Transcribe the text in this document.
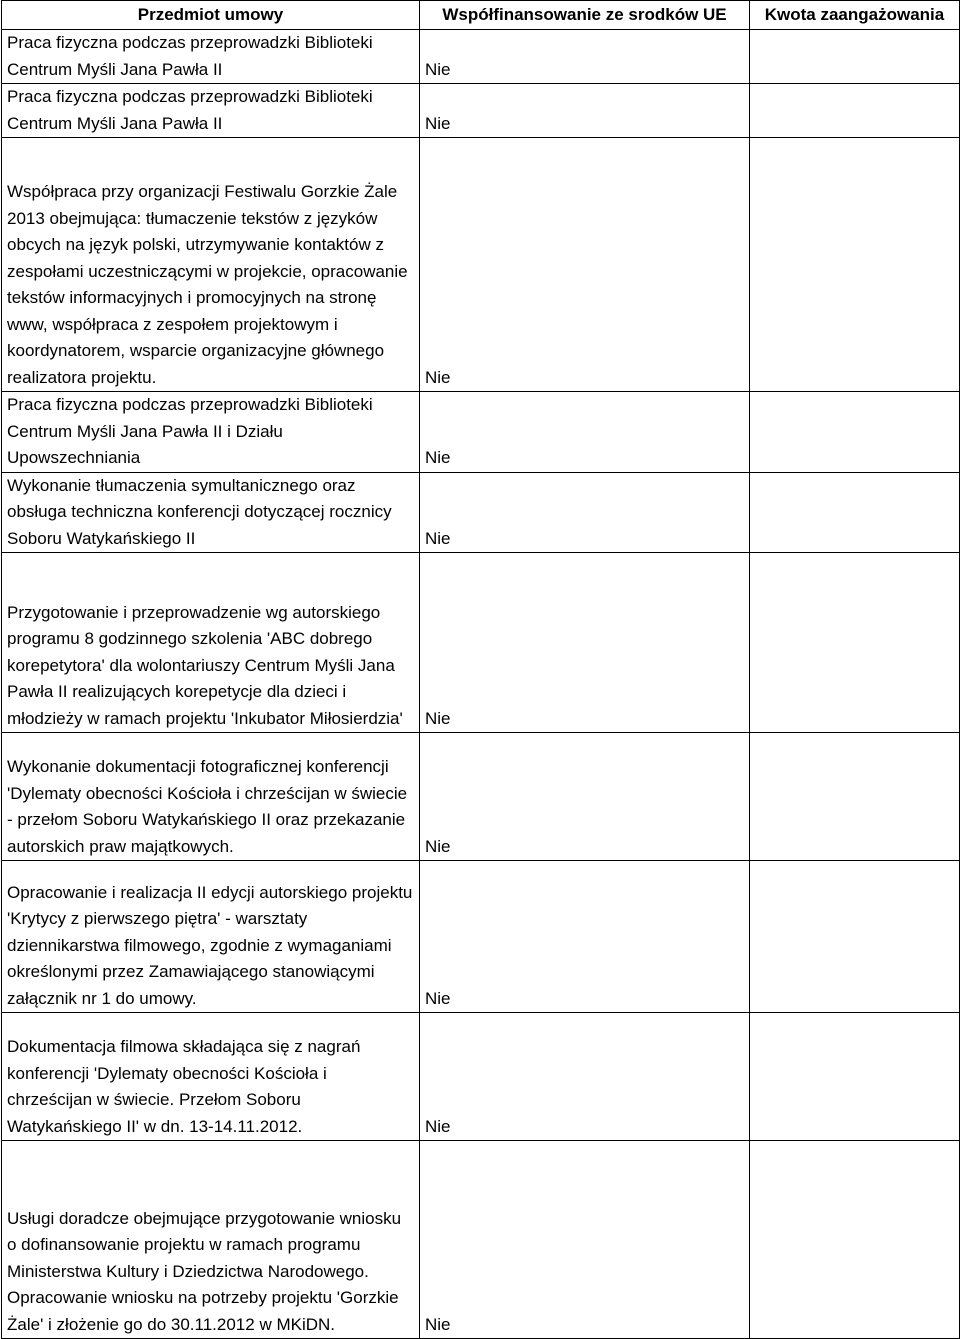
Przedmiot umowy	Współfinansowanie ze srodków UE	Kwota zaangażowania
Praca fizyczna podczas przeprowadzki Biblioteki Centrum Myśli Jana Pawła II	Nie	
Praca fizyczna podczas przeprowadzki Biblioteki Centrum Myśli Jana Pawła II	Nie	
Współpraca przy organizacji Festiwalu Gorzkie Żale 2013 obejmująca: tłumaczenie tekstów z języków obcych na język polski, utrzymywanie kontaktów z zespołami uczestniczącymi w projekcie, opracowanie tekstów informacyjnych i promocyjnych na stronę www, współpraca z zespołem projektowym i koordynatorem, wsparcie organizacyjne głównego realizatora projektu.	Nie	
Praca fizyczna podczas przeprowadzki Biblioteki Centrum Myśli Jana Pawła II i Działu Upowszechniania	Nie	
Wykonanie tłumaczenia symultanicznego oraz obsługa techniczna konferencji dotyczącej rocznicy Soboru Watykańskiego II	Nie	
Przygotowanie i przeprowadzenie wg autorskiego programu 8 godzinnego szkolenia 'ABC dobrego korepetytora' dla wolontariuszy Centrum Myśli Jana Pawła II realizujących korepetycje dla dzieci i młodzieży w ramach projektu 'Inkubator Miłosierdzia'	Nie	
Wykonanie dokumentacji fotograficznej konferencji 'Dylematy obecności Kościoła i chrześcijan w świecie - przełom Soboru Watykańskiego II oraz przekazanie autorskich praw majątkowych.	Nie	
Opracowanie i realizacja II edycji autorskiego projektu 'Krytycy z pierwszego piętra' - warsztaty dziennikarstwa filmowego, zgodnie z wymaganiami określonymi przez Zamawiającego stanowiącymi załącznik nr 1 do umowy.	Nie	
Dokumentacja filmowa składająca się z nagrań konferencji 'Dylematy obecności Kościoła i chrześcijan w świecie. Przełom Soboru Watykańskiego II' w dn. 13-14.11.2012.	Nie	
Usługi doradcze obejmujące przygotowanie wniosku o dofinansowanie projektu w ramach programu Ministerstwa Kultury i Dziedzictwa Narodowego. Opracowanie wniosku na potrzeby projektu 'Gorzkie Żale' i złożenie go do 30.11.2012 w MKiDN.	Nie	
